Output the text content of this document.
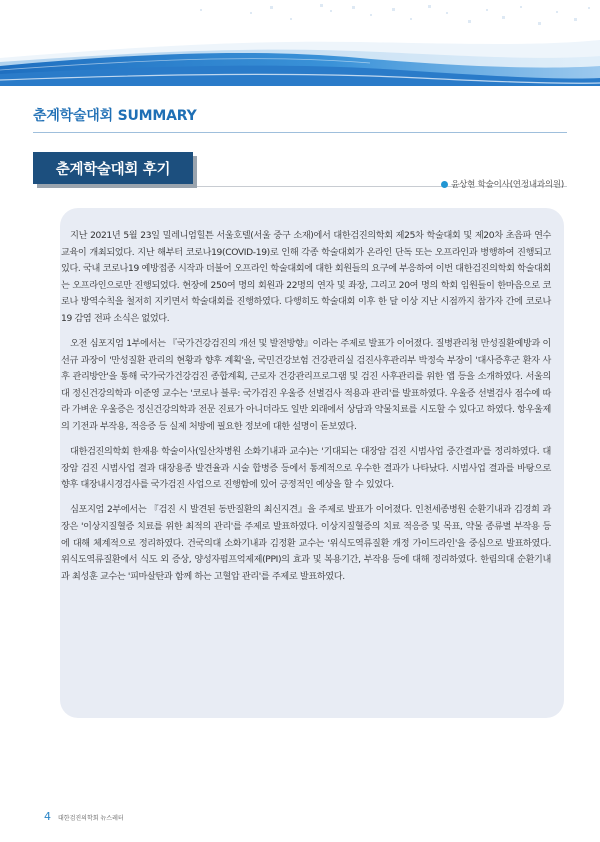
춘계학술대회 SUMMARY
춘계학술대회 후기
윤상현 학술이사(연정내과의원)

지난 2021년 5월 23일 밀레니엄힐튼 서울호텔(서울 중구 소재)에서 대한검진의학회 제25차 학술대회 및 제20차 초음파 연수교육이 개최되었다. 지난 해부터 코로나19(COVID-19)로 인해 각종 학술대회가 온라인 단독 또는 오프라인과 병행하여 진행되고 있다. 국내 코로나19 예방접종 시작과 더불어 오프라인 학술대회에 대한 회원들의 요구에 부응하여 이번 대한검진의학회 학술대회는 오프라인으로만 진행되었다. 현장에 250여 명의 회원과 22명의 연자 및 좌장, 그리고 20여 명의 학회 임원들이 한마음으로 코로나 방역수칙을 철저히 지키면서 학술대회를 진행하였다. 다행히도 학술대회 이후 한 달 이상 지난 시점까지 참가자 간에 코로나19 감염 전파 소식은 없었다.

오전 심포지엄 1부에서는 『국가건강검진의 개선 및 발전방향』이라는 주제로 발표가 이어졌다. 질병관리청 만성질환예방과 이선규 과장이 '만성질환 관리의 현황과 향후 계획'을, 국민건강보험 건강관리실 검진사후관리부 박정숙 부장이 '대사증후군 환자 사후 관리방안'을 통해 국가국가건강검진 종합계획, 근로자 건강관리프로그램 및 검진 사후관리를 위한 앱 등을 소개하였다. 서울의대 정신건강의학과 이준영 교수는 '코로나 블루: 국가검진 우울증 선별검사 적용과 관리'를 발표하였다. 우울증 선별검사 점수에 따라 가벼운 우울증은 정신건강의학과 전문 진료가 아니더라도 일반 외래에서 상담과 약물치료를 시도할 수 있다고 하였다. 항우울제의 기전과 부작용, 적응증 등 실제 처방에 필요한 정보에 대한 설명이 돋보였다.

대한검진의학회 한재용 학술이사(일산차병원 소화기내과 교수)는 '기대되는 대장암 검진 시범사업 중간결과'를 정리하였다. 대장암 검진 시범사업 결과 대장용종 발견율과 시술 합병증 등에서 통계적으로 우수한 결과가 나타났다. 시범사업 결과를 바탕으로 향후 대장내시경검사를 국가검진 사업으로 진행함에 있어 긍정적인 예상을 할 수 있었다.

심포지엄 2부에서는 『검진 시 발견된 동반질환의 최신지견』을 주제로 발표가 이어졌다. 인천세종병원 순환기내과 김경희 과장은 '이상지질혈증 치료를 위한 최적의 관리'를 주제로 발표하였다. 이상지질혈증의 치료 적응증 및 목표, 약물 종류별 부작용 등에 대해 체계적으로 정리하였다. 건국의대 소화기내과 김정환 교수는 '위식도역류질환 개정 가이드라인'을 중심으로 발표하였다. 위식도역류질환에서 식도 외 증상, 양성자펌프억제제(PPI)의 효과 및 복용기간, 부작용 등에 대해 정리하였다. 한림의대 순환기내과 최성훈 교수는 '피마살탄과 함께 하는 고혈압 관리'를 주제로 발표하였다.

4 대한검진의학회 뉴스레터
